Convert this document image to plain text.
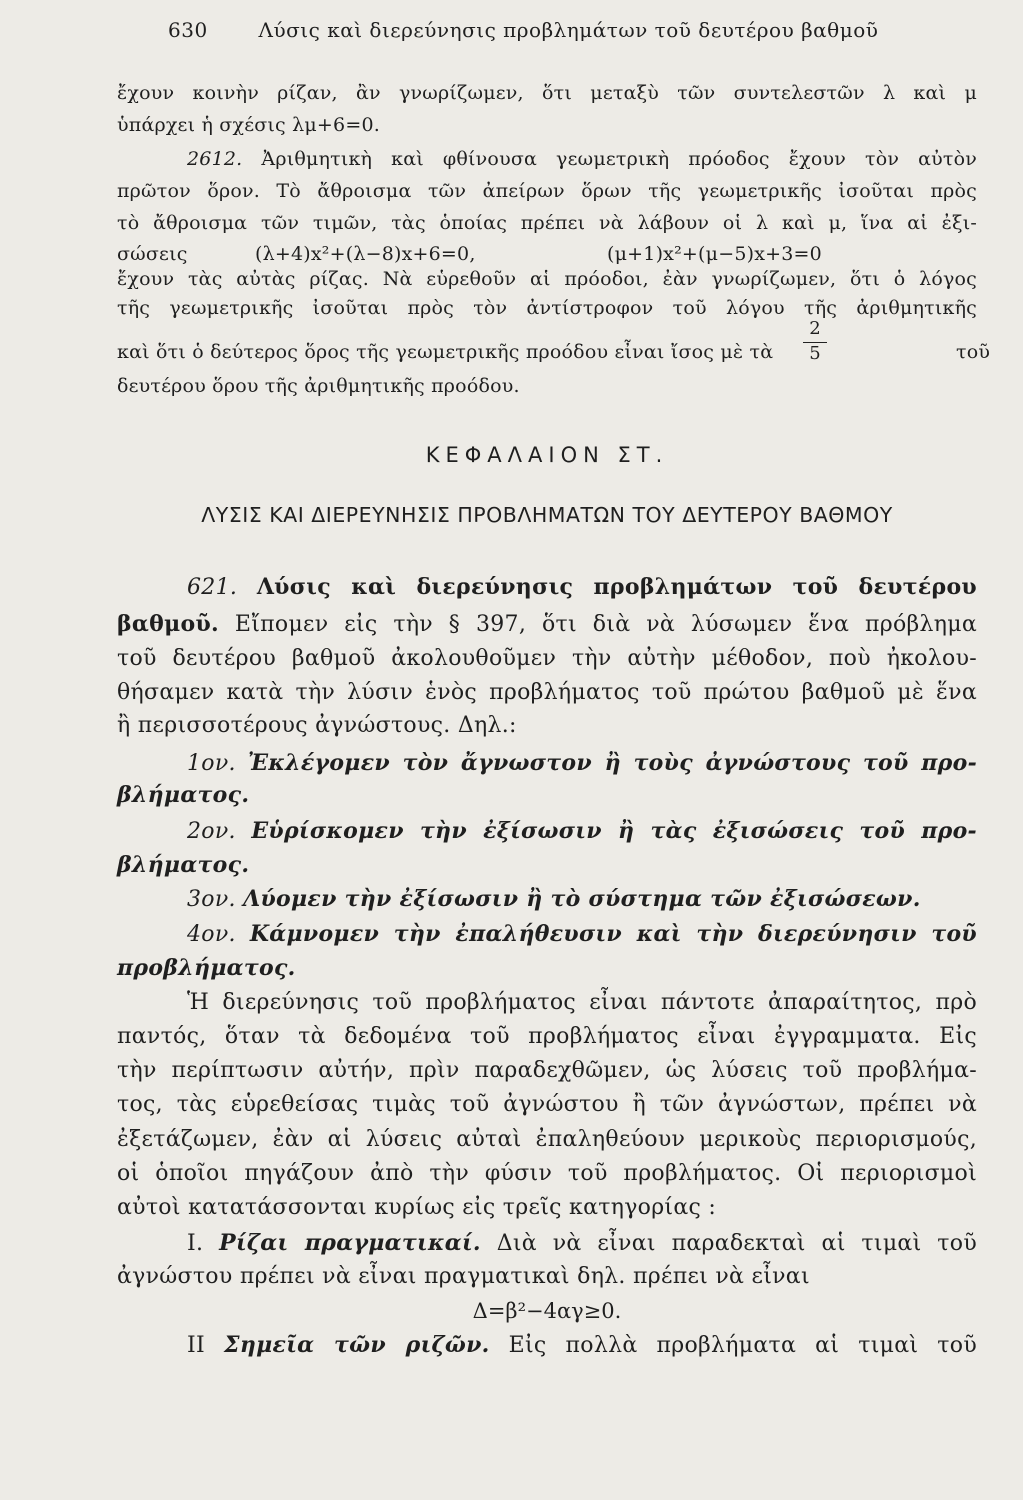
630	Λύσις καὶ διερεύνησις προβλημάτων τοῦ δευτέρου βαθμοῦ
ἔχουν κοινὴν ρίζαν, ἂν γνωρίζωμεν, ὅτι μεταξὺ τῶν συντελεστῶν λ καὶ μ
ὑπάρχει ἡ σχέσις λμ+6=0.
2612. Ἀριθμητικὴ καὶ φθίνουσα γεωμετρικὴ πρόοδος ἔχουν τὸν αὐτὸν
πρῶτον ὅρον. Τὸ ἄθροισμα τῶν ἀπείρων ὅρων τῆς γεωμετρικῆς ἰσοῦται πρὸς
τὸ ἄθροισμα τῶν τιμῶν, τὰς ὁποίας πρέπει νὰ λάβουν οἱ λ καὶ μ, ἵνα αἱ ἐξι-
σώσεις	(λ+4)x²+(λ−8)x+6=0,	(μ+1)x²+(μ−5)x+3=0
ἔχουν τὰς αὐτὰς ρίζας. Νὰ εὑρεθοῦν αἱ πρόοδοι, ἐὰν γνωρίζωμεν, ὅτι ὁ λόγος
τῆς γεωμετρικῆς ἰσοῦται πρὸς τὸν ἀντίστροφον τοῦ λόγου τῆς ἀριθμητικῆς
καὶ ὅτι ὁ δεύτερος ὅρος τῆς γεωμετρικῆς προόδου εἶναι ἴσος μὲ τὰ	τοῦ
2
5
δευτέρου ὅρου τῆς ἀριθμητικῆς προόδου.
ΚΕΦΑΛΑΙΟΝ ΣΤ.
ΛΥΣΙΣ ΚΑΙ ΔΙΕΡΕΥΝΗΣΙΣ ΠΡΟΒΛΗΜΑΤΩΝ ΤΟΥ ΔΕΥΤΕΡΟΥ ΒΑΘΜΟΥ
621. Λύσις καὶ διερεύνησις προβλημάτων τοῦ δευτέρου
βαθμοῦ. Εἴπομεν εἰς τὴν § 397, ὅτι διὰ νὰ λύσωμεν ἕνα πρόβλημα
τοῦ δευτέρου βαθμοῦ ἀκολουθοῦμεν τὴν αὐτὴν μέθοδον, ποὺ ἠκολου-
θήσαμεν κατὰ τὴν λύσιν ἑνὸς προβλήματος τοῦ πρώτου βαθμοῦ μὲ ἕνα
ἢ περισσοτέρους ἀγνώστους. Δηλ.:
1ον. Ἐκλέγομεν τὸν ἄγνωστον ἢ τοὺς ἀγνώστους τοῦ προ-
βλήματος.
2ον. Εὑρίσκομεν τὴν ἐξίσωσιν ἢ τὰς ἐξισώσεις τοῦ προ-
βλήματος.
3ον. Λύομεν τὴν ἐξίσωσιν ἢ τὸ σύστημα τῶν ἐξισώσεων.
4ον. Κάμνομεν τὴν ἐπαλήθευσιν καὶ τὴν διερεύνησιν τοῦ
προβλήματος.
Ἡ διερεύνησις τοῦ προβλήματος εἶναι πάντοτε ἀπαραίτητος, πρὸ
παντός, ὅταν τὰ δεδομένα τοῦ προβλήματος εἶναι ἐγγραμματα. Εἰς
τὴν περίπτωσιν αὐτήν, πρὶν παραδεχθῶμεν, ὡς λύσεις τοῦ προβλήμα-
τος, τὰς εὑρεθείσας τιμὰς τοῦ ἀγνώστου ἢ τῶν ἀγνώστων, πρέπει νὰ
ἐξετάζωμεν, ἐὰν αἱ λύσεις αὐταὶ ἐπαληθεύουν μερικοὺς περιορισμούς,
οἱ ὁποῖοι πηγάζουν ἀπὸ τὴν φύσιν τοῦ προβλήματος. Οἱ περιορισμοὶ
αὐτοὶ κατατάσσονται κυρίως εἰς τρεῖς κατηγορίας :
Ι. Ρίζαι πραγματικαί. Διὰ νὰ εἶναι παραδεκταὶ αἱ τιμαὶ τοῦ
ἀγνώστου πρέπει νὰ εἶναι πραγματικαὶ δηλ. πρέπει νὰ εἶναι
Δ=β²−4αγ≥0.
ΙΙ Σημεῖα τῶν ριζῶν. Εἰς πολλὰ προβλήματα αἱ τιμαὶ τοῦ
